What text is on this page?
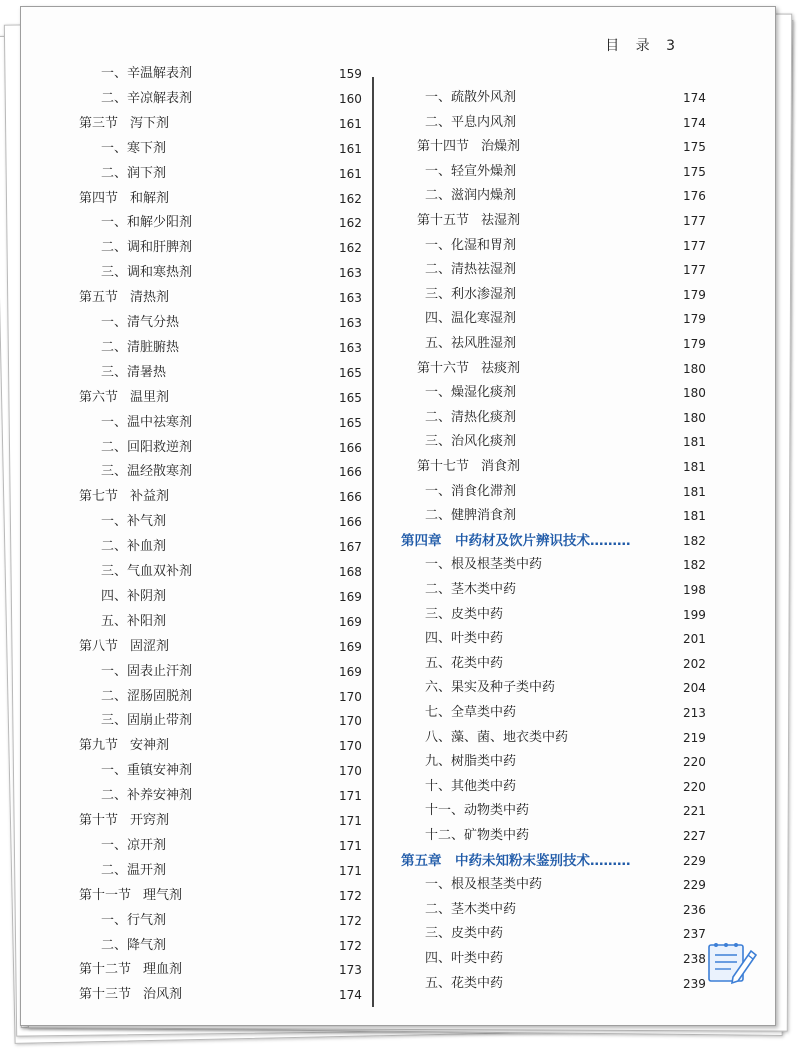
目 录 3
一、辛温解表剂	159
二、辛凉解表剂	160
第三节 泻下剂	161
一、寒下剂	161
二、润下剂	161
第四节 和解剂	162
一、和解少阳剂	162
二、调和肝脾剂	162
三、调和寒热剂	163
第五节 清热剂	163
一、清气分热	163
二、清脏腑热	163
三、清暑热	165
第六节 温里剂	165
一、温中祛寒剂	165
二、回阳救逆剂	166
三、温经散寒剂	166
第七节 补益剂	166
一、补气剂	166
二、补血剂	167
三、气血双补剂	168
四、补阴剂	169
五、补阳剂	169
第八节 固涩剂	169
一、固表止汗剂	169
二、涩肠固脱剂	170
三、固崩止带剂	170
第九节 安神剂	170
一、重镇安神剂	170
二、补养安神剂	171
第十节 开窍剂	171
一、凉开剂	171
二、温开剂	171
第十一节 理气剂	172
一、行气剂	172
二、降气剂	172
第十二节 理血剂	173
第十三节 治风剂	174
一、疏散外风剂	174
二、平息内风剂	174
第十四节 治燥剂	175
一、轻宣外燥剂	175
二、滋润内燥剂	176
第十五节 祛湿剂	177
一、化湿和胃剂	177
二、清热祛湿剂	177
三、利水渗湿剂	179
四、温化寒湿剂	179
五、祛风胜湿剂	179
第十六节 祛痰剂	180
一、燥湿化痰剂	180
二、清热化痰剂	180
三、治风化痰剂	181
第十七节 消食剂	181
一、消食化滞剂	181
二、健脾消食剂	181
第四章　中药材及饮片辨识技术………	182
一、根及根茎类中药	182
二、茎木类中药	198
三、皮类中药	199
四、叶类中药	201
五、花类中药	202
六、果实及种子类中药	204
七、全草类中药	213
八、藻、菌、地衣类中药	219
九、树脂类中药	220
十、其他类中药	220
十一、动物类中药	221
十二、矿物类中药	227
第五章　中药未知粉末鉴别技术………	229
一、根及根茎类中药	229
二、茎木类中药	236
三、皮类中药	237
四、叶类中药	238
五、花类中药	239
